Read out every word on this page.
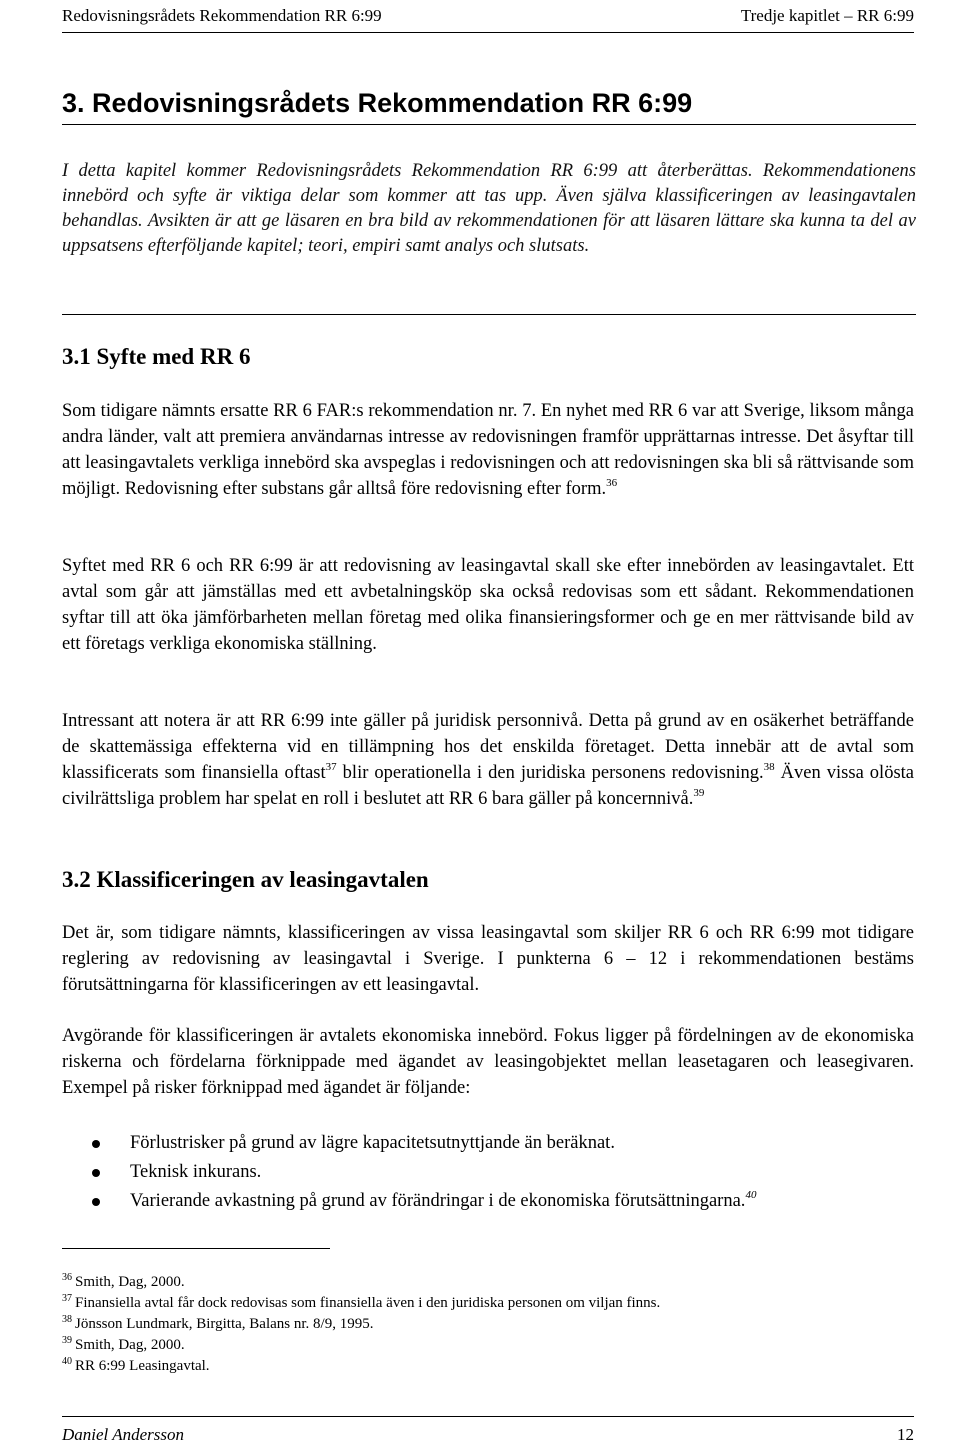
Redovisningsrådets Rekommendation RR 6:99	Tredje kapitlet – RR 6:99
3. Redovisningsrådets Rekommendation RR 6:99
I detta kapitel kommer Redovisningsrådets Rekommendation RR 6:99 att återberättas. Rekommendationens innebörd och syfte är viktiga delar som kommer att tas upp. Även själva klassificeringen av leasingavtalen behandlas. Avsikten är att ge läsaren en bra bild av rekommendationen för att läsaren lättare ska kunna ta del av uppsatsens efterföljande kapitel; teori, empiri samt analys och slutsats.
3.1 Syfte med RR 6
Som tidigare nämnts ersatte RR 6 FAR:s rekommendation nr. 7. En nyhet med RR 6 var att Sverige, liksom många andra länder, valt att premiera användarnas intresse av redovisningen framför upprättarnas intresse. Det åsyftar till att leasingavtalets verkliga innebörd ska avspeglas i redovisningen och att redovisningen ska bli så rättvisande som möjligt. Redovisning efter substans går alltså före redovisning efter form.$^{36}$
Syftet med RR 6 och RR 6:99 är att redovisning av leasingavtal skall ske efter innebörden av leasingavtalet. Ett avtal som går att jämställas med ett avbetalningsköp ska också redovisas som ett sådant. Rekommendationen syftar till att öka jämförbarheten mellan företag med olika finansieringsformer och ge en mer rättvisande bild av ett företags verkliga ekonomiska ställning.
Intressant att notera är att RR 6:99 inte gäller på juridisk personnivå. Detta på grund av en osäkerhet beträffande de skattemässiga effekterna vid en tillämpning hos det enskilda företaget. Detta innebär att de avtal som klassificerats som finansiella oftast$^{37}$ blir operationella i den juridiska personens redovisning.$^{38}$ Även vissa olösta civilrättsliga problem har spelat en roll i beslutet att RR 6 bara gäller på koncernnivå.$^{39}$
3.2 Klassificeringen av leasingavtalen
Det är, som tidigare nämnts, klassificeringen av vissa leasingavtal som skiljer RR 6 och RR 6:99 mot tidigare reglering av redovisning av leasingavtal i Sverige. I punkterna 6 – 12 i rekommendationen bestäms förutsättningarna för klassificeringen av ett leasingavtal.
Avgörande för klassificeringen är avtalets ekonomiska innebörd. Fokus ligger på fördelningen av de ekonomiska riskerna och fördelarna förknippade med ägandet av leasingobjektet mellan leasetagaren och leasegivaren. Exempel på risker förknippad med ägandet är följande:
Förlustrisker på grund av lägre kapacitetsutnyttjande än beräknat.
Teknisk inkurans.
Varierande avkastning på grund av förändringar i de ekonomiska förutsättningarna.$^{40}$
$^{36}$ Smith, Dag, 2000.
$^{37}$ Finansiella avtal får dock redovisas som finansiella även i den juridiska personen om viljan finns.
$^{38}$ Jönsson Lundmark, Birgitta, Balans nr. 8/9, 1995.
$^{39}$ Smith, Dag, 2000.
$^{40}$ RR 6:99 Leasingavtal.
Daniel Andersson	12
